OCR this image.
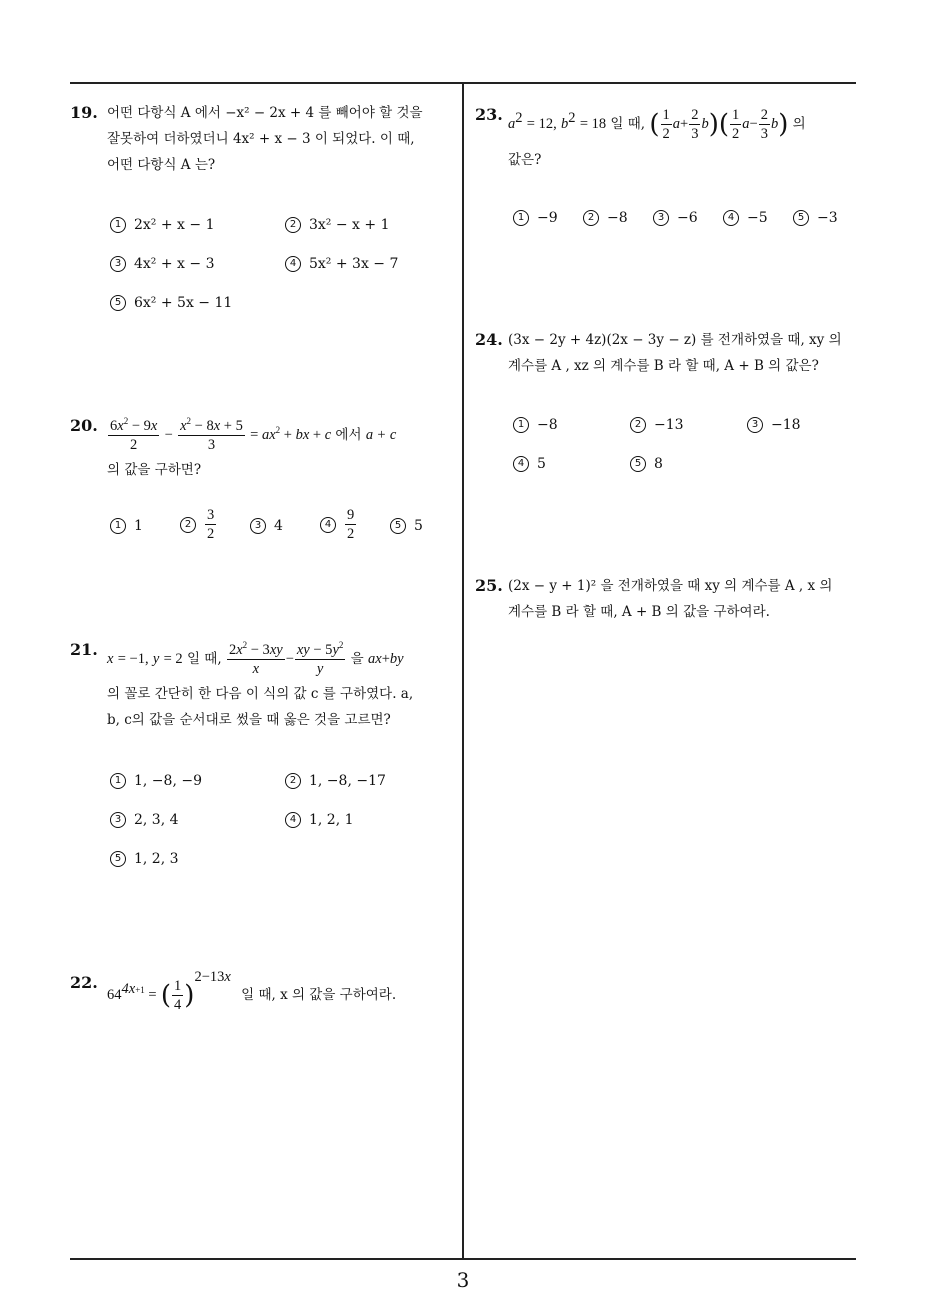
3
19. 어떤 다항식 A 에서 −x² − 2x + 4 를 빼어야 할 것을
잘못하여 더하였더니 4x² + x − 3 이 되었다. 이 때,
어떤 다항식 A 는?
1 2x² + x − 1	2 3x² − x + 1
3 4x² + x − 3	4 5x² + 3x − 7
5 6x² + 5x − 11
20. $\frac{6x^2 - 9x}{2} - \frac{x^2 - 8x + 5}{3} = ax^2$ + bx + c 에서 a + c
의 값을 구하면?
1 1	$2 \frac{3}{2}$	3 4	$4 \frac{9}{2}$	5 5
21. x = −1, y = 2 일 때, $\frac{2x^2 - 3xy}{x} - \frac{xy - 5y^2}{y}$ 을 ax+by
의 꼴로 간단히 한 다음 이 식의 값 c 를 구하였다. a,
b, c의 값을 순서대로 썼을 때 옳은 것을 고르면?
1 1, −8, −9	2 1, −8, −17
3 2, 3, 4	4 1, 2, 1
5 1, 2, 3
22.
$64^{4x+1}$ = ( $\frac{1}{4} )^{2-13x}$ 일 때, x 의 값을 구하여라.
23. $a^2 = 12$, $b^2 = 18$ 일 때, ( $\frac{1}{2} a+ \frac{2}{3} b)( \frac{1}{2} a- \frac{2}{3} b)$ 의
값은?
1 −9	2 −8	3 −6	4 −5	5 −3
24. (3x − 2y + 4z)(2x − 3y − z) 를 전개하였을 때, xy 의
계수를 A , xz 의 계수를 B 라 할 때, A + B 의 값은?
1 −8	2 −13	3 −18
4 5	5 8
25. (2x − y + 1)² 을 전개하였을 때 xy 의 계수를 A , x 의
계수를 B 라 할 때, A + B 의 값을 구하여라.
